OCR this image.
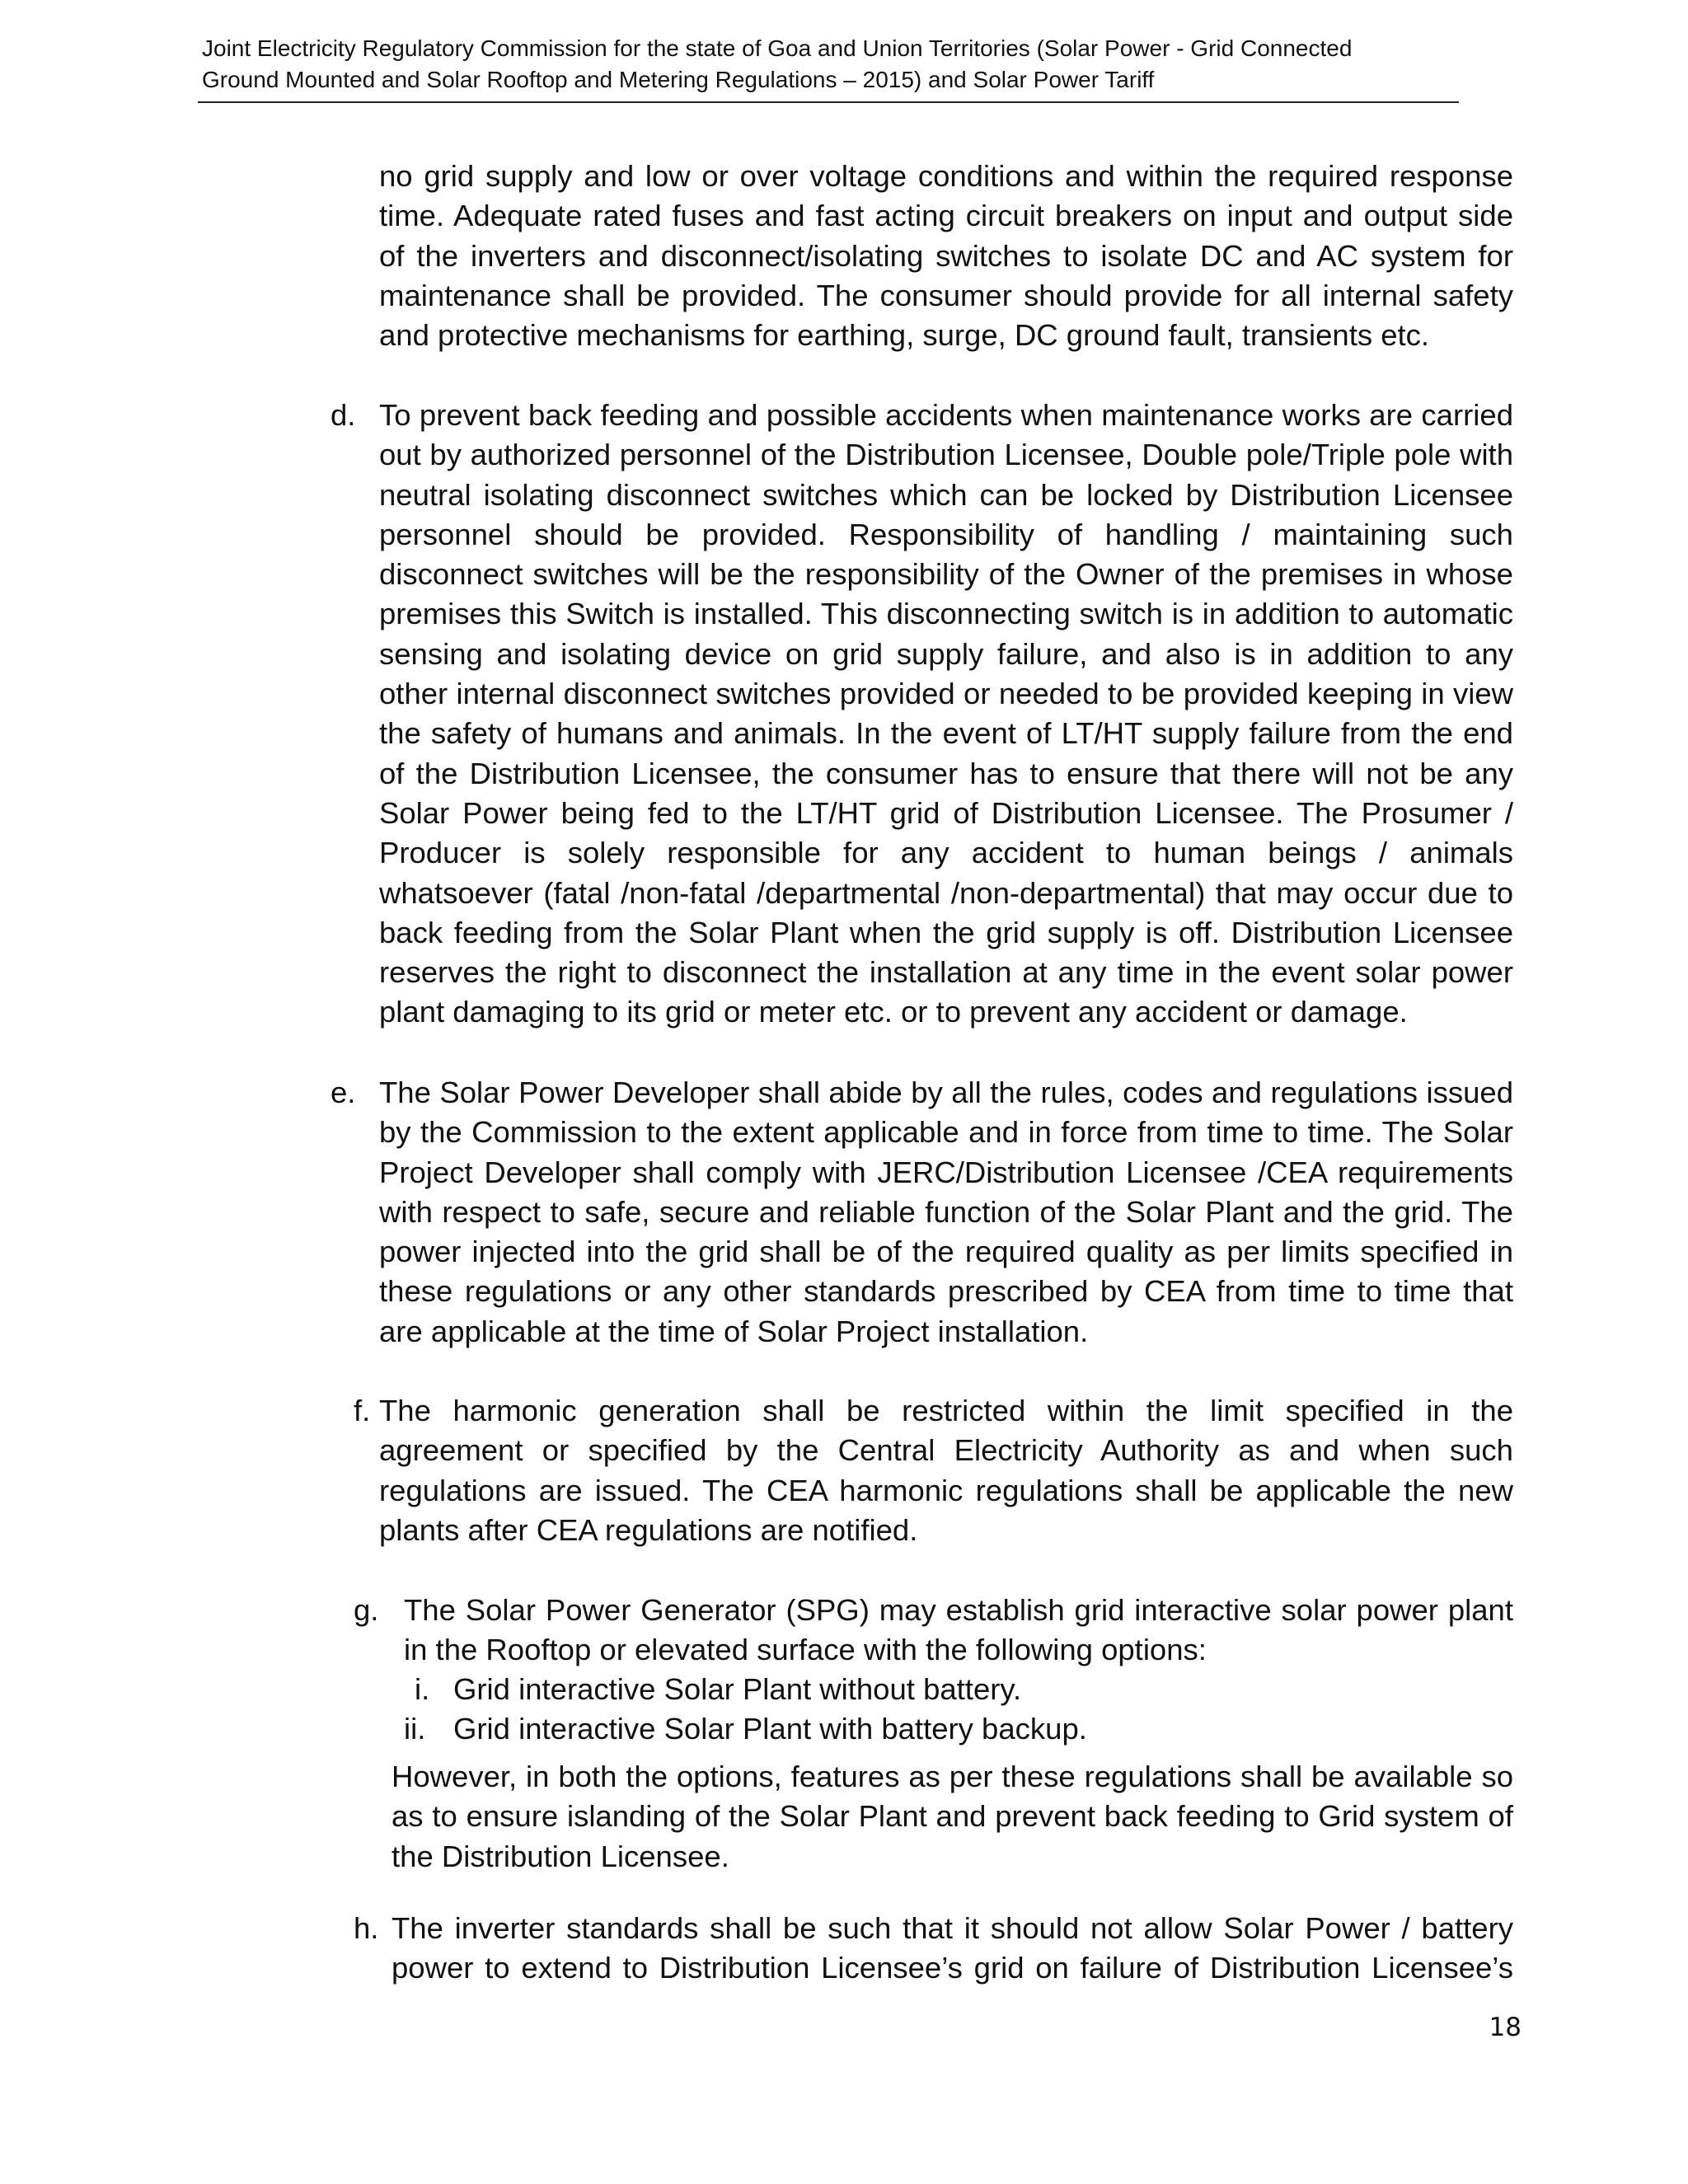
Joint Electricity Regulatory Commission for the state of Goa and Union Territories (Solar Power - Grid Connected
Ground Mounted and Solar Rooftop and Metering Regulations – 2015) and Solar Power Tariff
no grid supply and low or over voltage conditions and within the required response time. Adequate rated fuses and fast acting circuit breakers on input and output side of the inverters and disconnect/isolating switches to isolate DC and AC system for maintenance shall be provided. The consumer should provide for all internal safety and protective mechanisms for earthing, surge, DC ground fault, transients etc.
d. To prevent back feeding and possible accidents when maintenance works are carried out by authorized personnel of the Distribution Licensee, Double pole/Triple pole with neutral isolating disconnect switches which can be locked by Distribution Licensee personnel should be provided. Responsibility of handling / maintaining such disconnect switches will be the responsibility of the Owner of the premises in whose premises this Switch is installed. This disconnecting switch is in addition to automatic sensing and isolating device on grid supply failure, and also is in addition to any other internal disconnect switches provided or needed to be provided keeping in view the safety of humans and animals. In the event of LT/HT supply failure from the end of the Distribution Licensee, the consumer has to ensure that there will not be any Solar Power being fed to the LT/HT grid of Distribution Licensee. The Prosumer / Producer is solely responsible for any accident to human beings / animals whatsoever (fatal /non-fatal /departmental /non-departmental) that may occur due to back feeding from the Solar Plant when the grid supply is off. Distribution Licensee reserves the right to disconnect the installation at any time in the event solar power plant damaging to its grid or meter etc. or to prevent any accident or damage.
e. The Solar Power Developer shall abide by all the rules, codes and regulations issued by the Commission to the extent applicable and in force from time to time. The Solar Project Developer shall comply with JERC/Distribution Licensee /CEA requirements with respect to safe, secure and reliable function of the Solar Plant and the grid. The power injected into the grid shall be of the required quality as per limits specified in these regulations or any other standards prescribed by CEA from time to time that are applicable at the time of Solar Project installation.
f. The harmonic generation shall be restricted within the limit specified in the agreement or specified by the Central Electricity Authority as and when such regulations are issued. The CEA harmonic regulations shall be applicable the new plants after CEA regulations are notified.
g. The Solar Power Generator (SPG) may establish grid interactive solar power plant in the Rooftop or elevated surface with the following options:
i. Grid interactive Solar Plant without battery.
ii. Grid interactive Solar Plant with battery backup.
However, in both the options, features as per these regulations shall be available so as to ensure islanding of the Solar Plant and prevent back feeding to Grid system of the Distribution Licensee.
h. The inverter standards shall be such that it should not allow Solar Power / battery power to extend to Distribution Licensee’s grid on failure of Distribution Licensee’s
18
